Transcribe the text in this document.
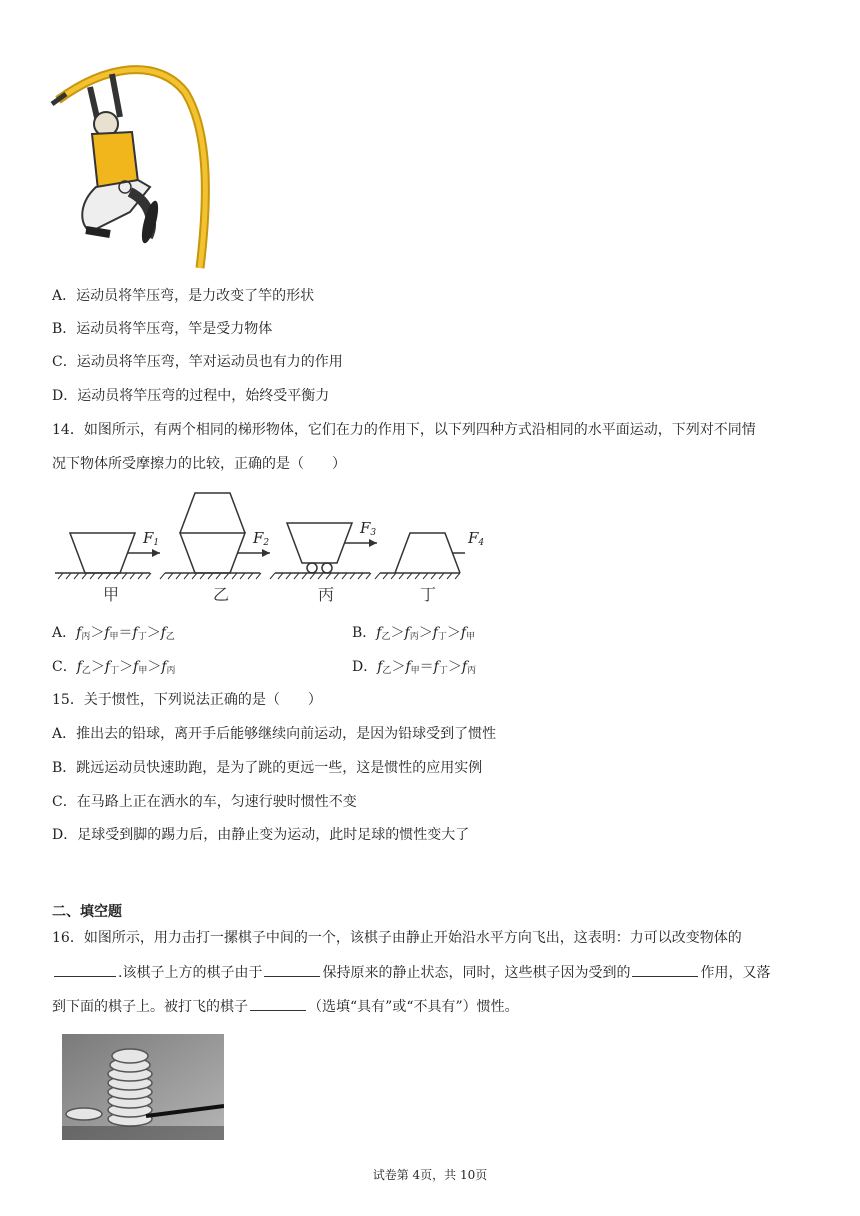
A．运动员将竿压弯，是力改变了竿的形状
B．运动员将竿压弯，竿是受力物体
C．运动员将竿压弯，竿对运动员也有力的作用
D．运动员将竿压弯的过程中，始终受平衡力
14．如图所示，有两个相同的梯形物体，它们在力的作用下，以下列四种方式沿相同的水平面运动，下列对不同情
况下物体所受摩擦力的比较，正确的是（　　）
$F_1$	$F_2$
$F_3$	$F_4$
甲	乙	丙	丁
A．$f_丙>f_甲=f_丁>f_乙$	B．$f_乙>f_丙>f_丁>f_甲$
C．$f_乙>f_丁>f_甲>f_丙$	D．$f_乙>f_甲=f_丁>f_丙$
15．关于惯性，下列说法正确的是（　　）
A．推出去的铅球，离开手后能够继续向前运动，是因为铅球受到了惯性
B．跳远运动员快速助跑，是为了跳的更远一些，这是惯性的应用实例
C．在马路上正在洒水的车，匀速行驶时惯性不变
D．足球受到脚的踢力后，由静止变为运动，此时足球的惯性变大了
二、填空题
16．如图所示，用力击打一摞棋子中间的一个，该棋子由静止开始沿水平方向飞出，这表明：力可以改变物体的
.该棋子上方的棋子由于	保持原来的静止状态，同时，这些棋子因为受到的	作用，又落
到下面的棋子上。被打飞的棋子	（选填“具有”或“不具有”）惯性。
试卷第 4页，共 10页
